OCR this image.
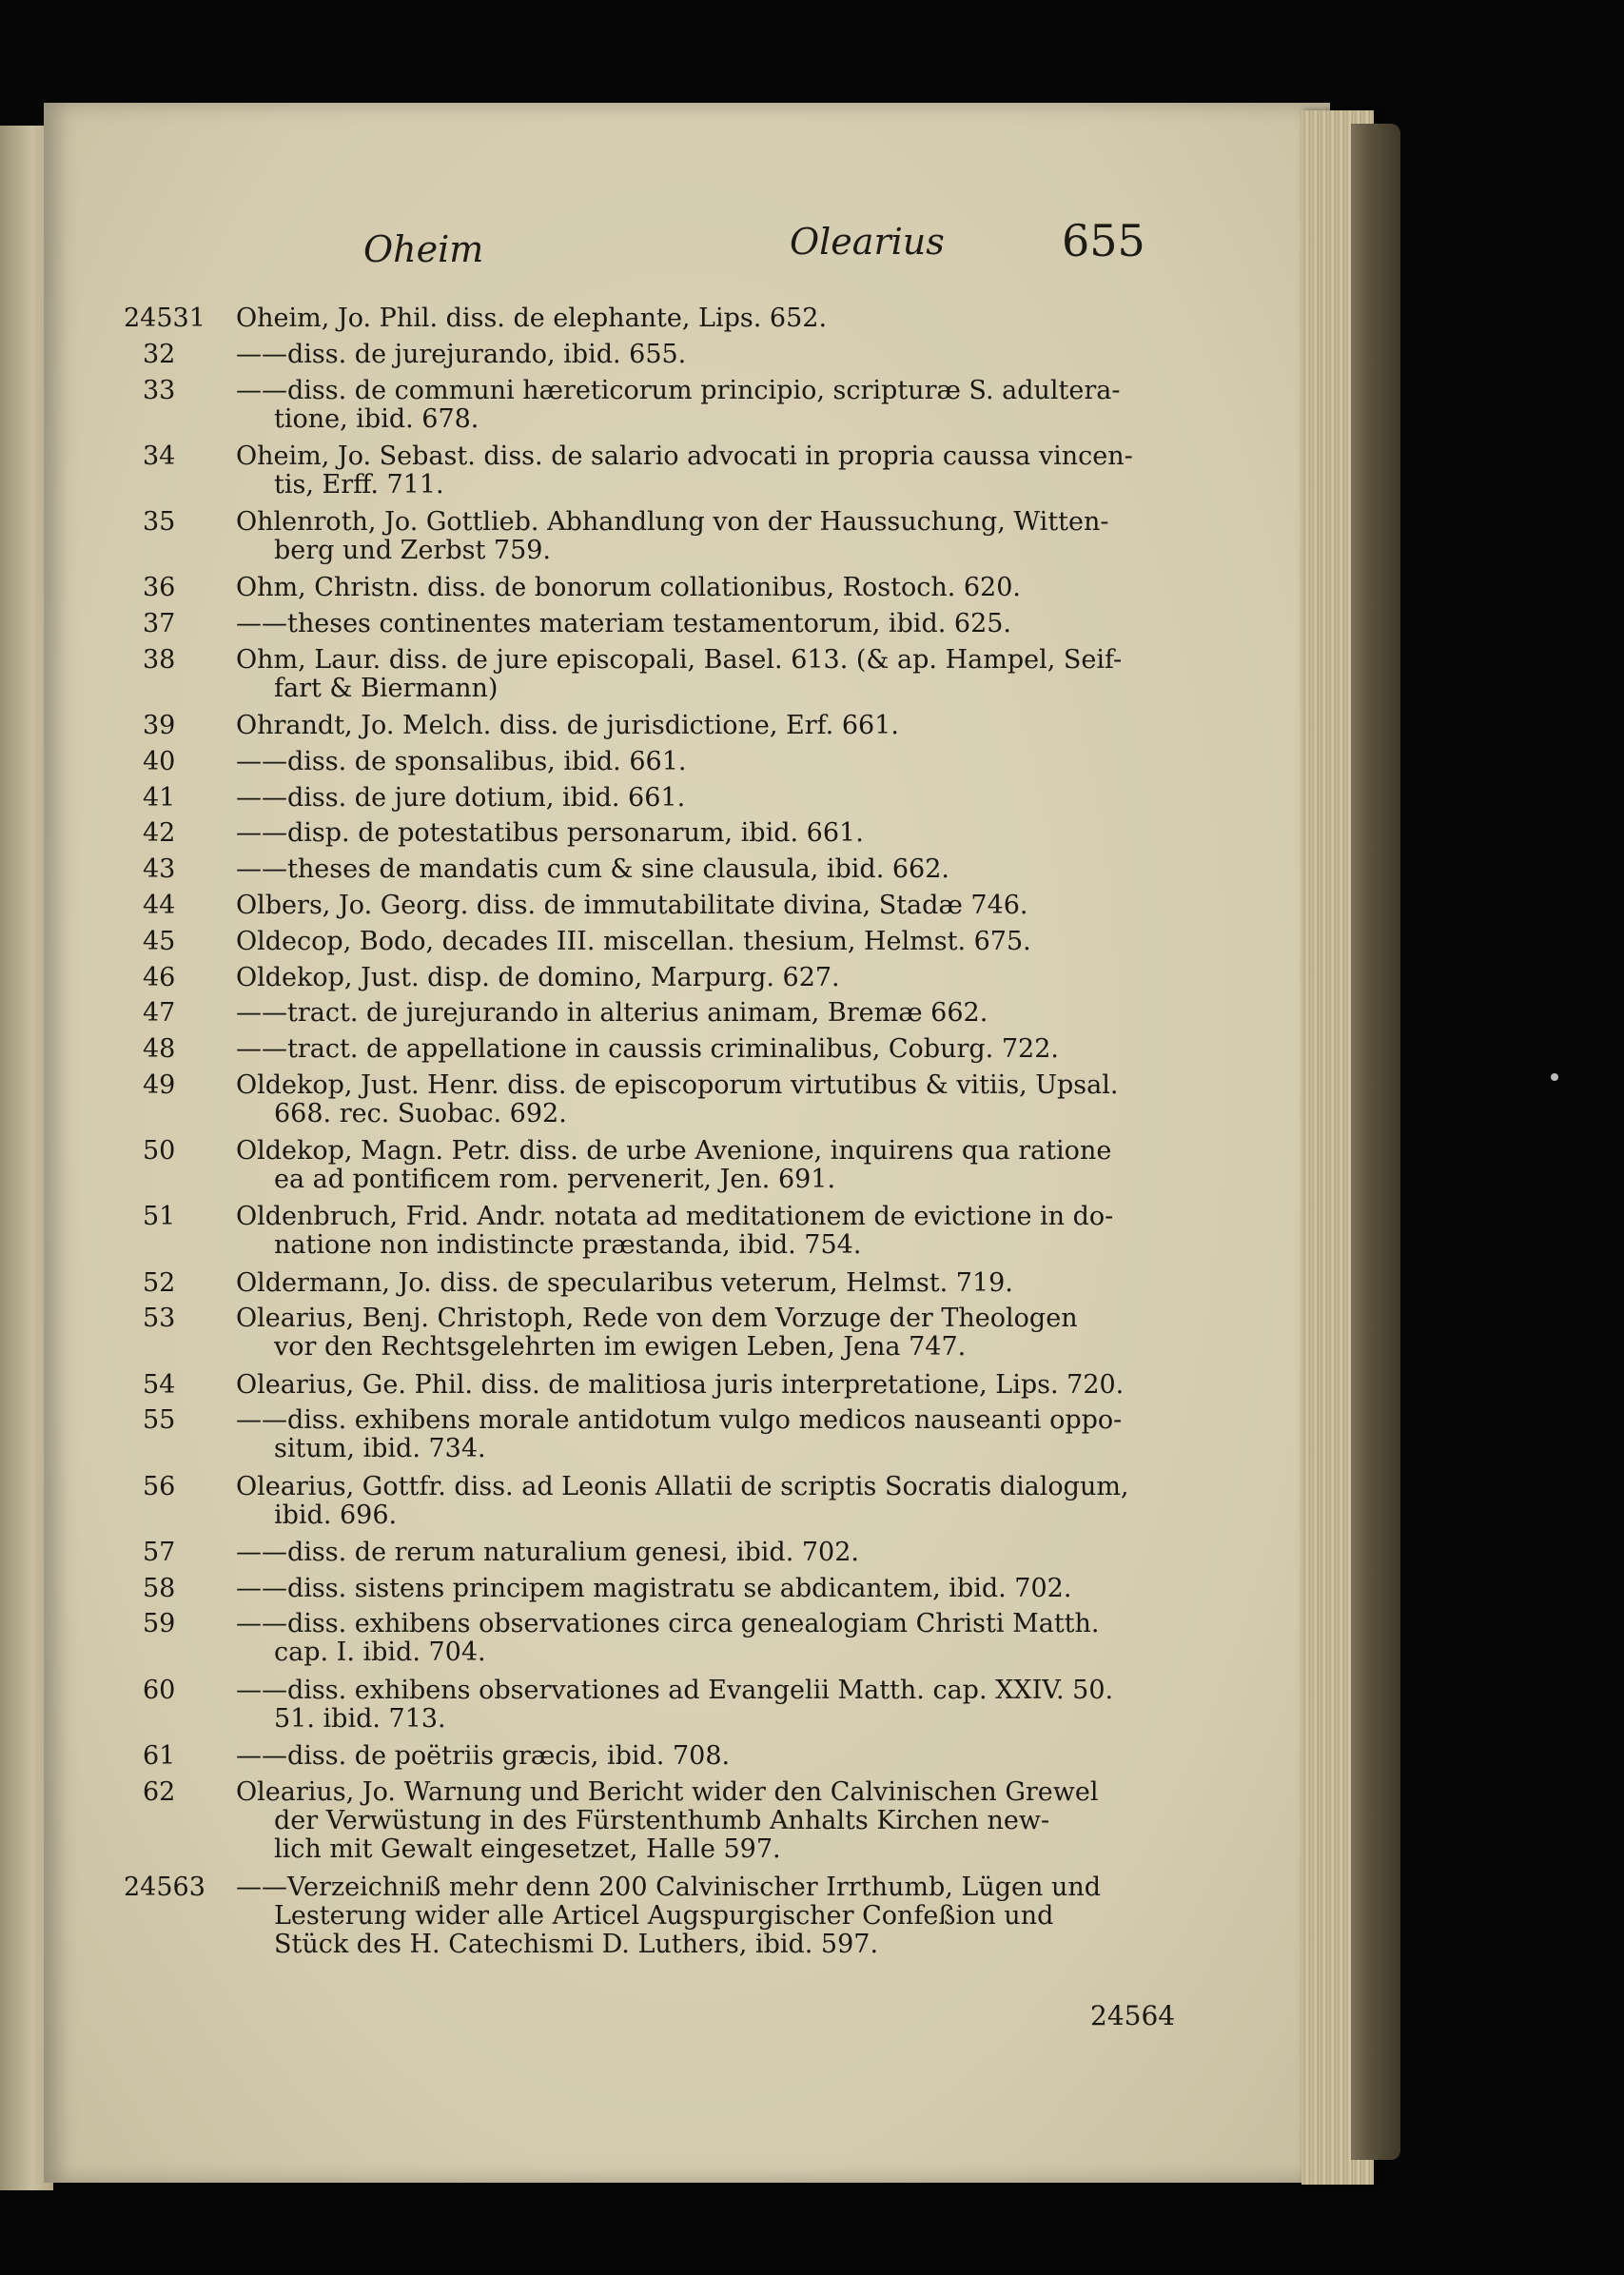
Oheim	Olearius	655
24531	Oheim, Jo. Phil. diss. de elephante, Lips. 652.
32	——diss. de jurejurando, ibid. 655.
33	——diss. de communi hæreticorum principio, scripturæ S. adultera-
tione, ibid. 678.
34	Oheim, Jo. Sebast. diss. de salario advocati in propria caussa vincen-
tis, Erff. 711.
35	Ohlenroth, Jo. Gottlieb. Abhandlung von der Haussuchung, Witten-
berg und Zerbst 759.
36	Ohm, Christn. diss. de bonorum collationibus, Rostoch. 620.
37	——theses continentes materiam testamentorum, ibid. 625.
38	Ohm, Laur. diss. de jure episcopali, Basel. 613. (& ap. Hampel, Seif-
fart & Biermann)
39	Ohrandt, Jo. Melch. diss. de jurisdictione, Erf. 661.
40	——diss. de sponsalibus, ibid. 661.
41	——diss. de jure dotium, ibid. 661.
42	——disp. de potestatibus personarum, ibid. 661.
43	——theses de mandatis cum & sine clausula, ibid. 662.
44	Olbers, Jo. Georg. diss. de immutabilitate divina, Stadæ 746.
45	Oldecop, Bodo, decades III. miscellan. thesium, Helmst. 675.
46	Oldekop, Just. disp. de domino, Marpurg. 627.
47	——tract. de jurejurando in alterius animam, Bremæ 662.
48	——tract. de appellatione in caussis criminalibus, Coburg. 722.
49	Oldekop, Just. Henr. diss. de episcoporum virtutibus & vitiis, Upsal.
668. rec. Suobac. 692.
50	Oldekop, Magn. Petr. diss. de urbe Avenione, inquirens qua ratione
ea ad pontificem rom. pervenerit, Jen. 691.
51	Oldenbruch, Frid. Andr. notata ad meditationem de evictione in do-
natione non indistincte præstanda, ibid. 754.
52	Oldermann, Jo. diss. de specularibus veterum, Helmst. 719.
53	Olearius, Benj. Christoph, Rede von dem Vorzuge der Theologen
vor den Rechtsgelehrten im ewigen Leben, Jena 747.
54	Olearius, Ge. Phil. diss. de malitiosa juris interpretatione, Lips. 720.
55	——diss. exhibens morale antidotum vulgo medicos nauseanti oppo-
situm, ibid. 734.
56	Olearius, Gottfr. diss. ad Leonis Allatii de scriptis Socratis dialogum,
ibid. 696.
57	——diss. de rerum naturalium genesi, ibid. 702.
58	——diss. sistens principem magistratu se abdicantem, ibid. 702.
59	——diss. exhibens observationes circa genealogiam Christi Matth.
cap. I. ibid. 704.
60	——diss. exhibens observationes ad Evangelii Matth. cap. XXIV. 50.
51. ibid. 713.
61	——diss. de poëtriis græcis, ibid. 708.
62	Olearius, Jo. Warnung und Bericht wider den Calvinischen Grewel
der Verwüstung in des Fürstenthumb Anhalts Kirchen new-
lich mit Gewalt eingesetzet, Halle 597.
24563	——Verzeichniß mehr denn 200 Calvinischer Irrthumb, Lügen und
Lesterung wider alle Articel Augspurgischer Confeßion und
Stück des H. Catechismi D. Luthers, ibid. 597.
24564
